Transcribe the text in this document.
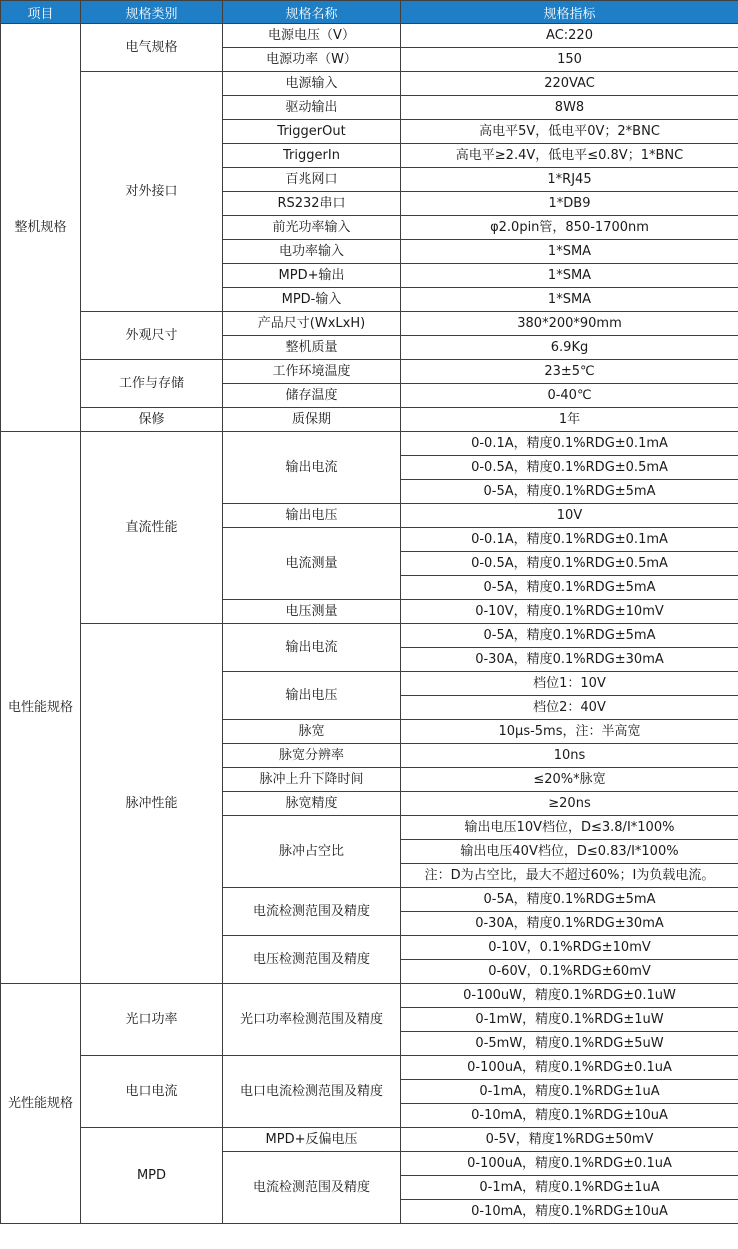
项目	规格类别	规格名称	规格指标
整机规格	电气规格	电源电压（V）	AC:220
		电源功率（W）	150
	对外接口	电源输入	220VAC
		驱动输出	8W8
		TriggerOut	高电平5V，低电平0V；2*BNC
		TriggerIn	高电平≥2.4V，低电平≤0.8V；1*BNC
		百兆网口	1*RJ45
		RS232串口	1*DB9
		前光功率输入	φ2.0pin管，850-1700nm
		电功率输入	1*SMA
		MPD+输出	1*SMA
		MPD-输入	1*SMA
	外观尺寸	产品尺寸(WxLxH)	380*200*90mm
		整机质量	6.9Kg
	工作与存储	工作环境温度	23±5℃
		储存温度	0-40℃
	保修	质保期	1年
电性能规格	直流性能	输出电流	0-0.1A，精度0.1%RDG±0.1mA
			0-0.5A，精度0.1%RDG±0.5mA
			0-5A，精度0.1%RDG±5mA
		输出电压	10V
		电流测量	0-0.1A，精度0.1%RDG±0.1mA
			0-0.5A，精度0.1%RDG±0.5mA
			0-5A，精度0.1%RDG±5mA
		电压测量	0-10V，精度0.1%RDG±10mV
	脉冲性能	输出电流	0-5A，精度0.1%RDG±5mA
			0-30A，精度0.1%RDG±30mA
		输出电压	档位1：10V
			档位2：40V
		脉宽	10μs-5ms，注：半高宽
		脉宽分辨率	10ns
		脉冲上升下降时间	≤20%*脉宽
		脉宽精度	≥20ns
		脉冲占空比	输出电压10V档位，D≤3.8/I*100%
			输出电压40V档位，D≤0.83/I*100%
			注：D为占空比，最大不超过60%；I为负载电流。
		电流检测范围及精度	0-5A，精度0.1%RDG±5mA
			0-30A，精度0.1%RDG±30mA
		电压检测范围及精度	0-10V，0.1%RDG±10mV
			0-60V，0.1%RDG±60mV
光性能规格	光口功率	光口功率检测范围及精度	0-100uW，精度0.1%RDG±0.1uW
			0-1mW，精度0.1%RDG±1uW
			0-5mW，精度0.1%RDG±5uW
	电口电流	电口电流检测范围及精度	0-100uA，精度0.1%RDG±0.1uA
			0-1mA，精度0.1%RDG±1uA
			0-10mA，精度0.1%RDG±10uA
	MPD	MPD+反偏电压	0-5V，精度1%RDG±50mV
		电流检测范围及精度	0-100uA，精度0.1%RDG±0.1uA
			0-1mA，精度0.1%RDG±1uA
			0-10mA，精度0.1%RDG±10uA
